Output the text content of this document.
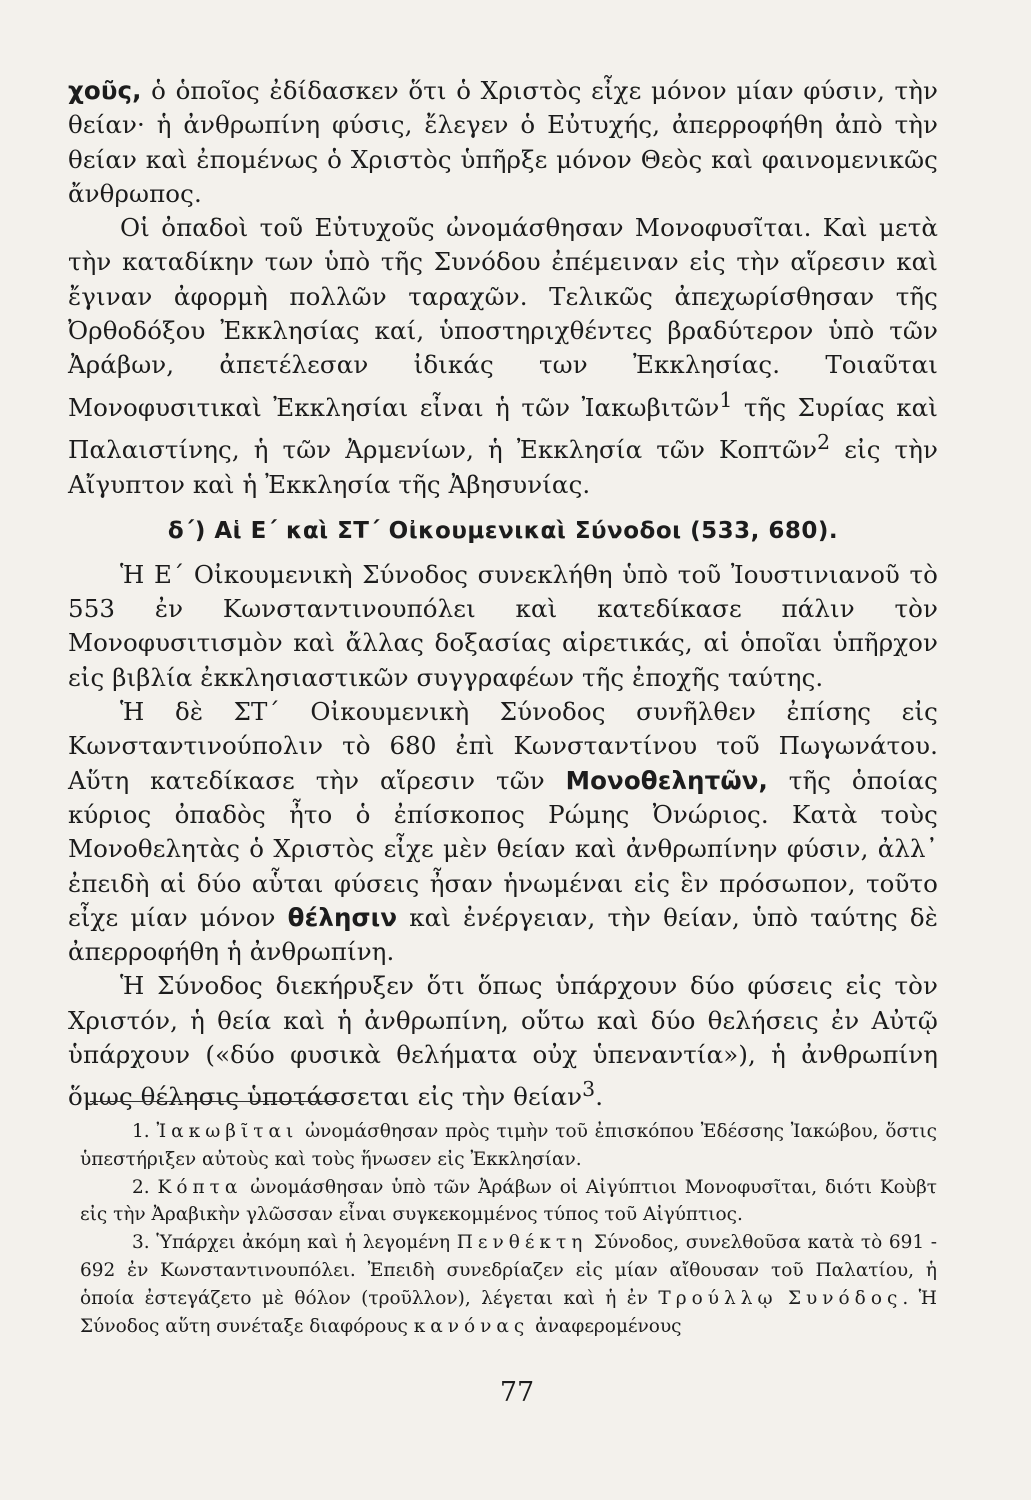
χοῦς, ὁ ὁποῖος ἐδίδασκεν ὅτι ὁ Χριστὸς εἶχε μόνον μίαν φύσιν, τὴν θείαν· ἡ ἀνθρωπίνη φύσις, ἔλεγεν ὁ Εὐτυχής, ἀπερροφήθη ἀπὸ τὴν θείαν καὶ ἐπομένως ὁ Χριστὸς ὑπῆρξε μόνον Θεὸς καὶ φαινομενικῶς ἄνθρωπος.

Οἱ ὀπαδοὶ τοῦ Εὐτυχοῦς ὠνομάσθησαν Μονοφυσῖται. Καὶ μετὰ τὴν καταδίκην των ὑπὸ τῆς Συνόδου ἐπέμειναν εἰς τὴν αἵρεσιν καὶ ἔγιναν ἀφορμὴ πολλῶν ταραχῶν. Τελικῶς ἀπεχωρίσθησαν τῆς Ὀρθοδόξου Ἐκκλησίας καί, ὑποστηριχθέντες βραδύτερον ὑπὸ τῶν Ἀράβων, ἀπετέλεσαν ἰδικάς των Ἐκκλησίας. Τοιαῦται Μονοφυσιτικαὶ Ἐκκλησίαι εἶναι ἡ τῶν Ἰακωβιτῶν$^1$ τῆς Συρίας καὶ Παλαιστίνης, ἡ τῶν Ἀρμενίων, ἡ Ἐκκλησία τῶν Κοπτῶν$^2$ εἰς τὴν Αἴγυπτον καὶ ἡ Ἐκκλησία τῆς Ἀβησυνίας.

δ΄) Αἱ Ε΄ καὶ ΣΤ΄ Οἰκουμενικαὶ Σύνοδοι (533, 680).

Ἡ Ε΄ Οἰκουμενικὴ Σύνοδος συνεκλήθη ὑπὸ τοῦ Ἰουστινιανοῦ τὸ 553 ἐν Κωνσταντινουπόλει καὶ κατεδίκασε πάλιν τὸν Μονοφυσιτισμὸν καὶ ἄλλας δοξασίας αἱρετικάς, αἱ ὁποῖαι ὑπῆρχον εἰς βιβλία ἐκκλησιαστικῶν συγγραφέων τῆς ἐποχῆς ταύτης.

Ἡ δὲ ΣΤ΄ Οἰκουμενικὴ Σύνοδος συνῆλθεν ἐπίσης εἰς Κωνσταντινούπολιν τὸ 680 ἐπὶ Κωνσταντίνου τοῦ Πωγωνάτου. Αὕτη κατεδίκασε τὴν αἵρεσιν τῶν Μονοθελητῶν, τῆς ὁποίας κύριος ὀπαδὸς ἦτο ὁ ἐπίσκοπος Ρώμης Ὀνώριος. Κατὰ τοὺς Μονοθελητὰς ὁ Χριστὸς εἶχε μὲν θείαν καὶ ἀνθρωπίνην φύσιν, ἀλλ᾽ ἐπειδὴ αἱ δύο αὗται φύσεις ἦσαν ἡνωμέναι εἰς ἓν πρόσωπον, τοῦτο εἶχε μίαν μόνον θέλησιν καὶ ἐνέργειαν, τὴν θείαν, ὑπὸ ταύτης δὲ ἀπερροφήθη ἡ ἀνθρωπίνη.

Ἡ Σύνοδος διεκήρυξεν ὅτι ὅπως ὑπάρχουν δύο φύσεις εἰς τὸν Χριστόν, ἡ θεία καὶ ἡ ἀνθρωπίνη, οὕτω καὶ δύο θελήσεις ἐν Αὐτῷ ὑπάρχουν («δύο φυσικὰ θελήματα οὐχ ὑπεναντία»), ἡ ἀνθρωπίνη ὅμως θέλησις ὑποτάσσεται εἰς τὴν θείαν$^3$.

1. Ἰακωβῖται ὠνομάσθησαν πρὸς τιμὴν τοῦ ἐπισκόπου Ἐδέσσης Ἰακώβου, ὅστις ὑπεστήριξεν αὐτοὺς καὶ τοὺς ἥνωσεν εἰς Ἐκκλησίαν.

2. Κόπτα ὠνομάσθησαν ὑπὸ τῶν Ἀράβων οἱ Αἰγύπτιοι Μονοφυσῖται, διότι Κοὺβτ εἰς τὴν Ἀραβικὴν γλῶσσαν εἶναι συγκεκομμένος τύπος τοῦ Αἰγύπτιος.

3. Ὑπάρχει ἀκόμη καὶ ἡ λεγομένη Πενθέκτη Σύνοδος, συνελθοῦσα κατὰ τὸ 691 - 692 ἐν Κωνσταντινουπόλει. Ἐπειδὴ συνεδρίαζεν εἰς μίαν αἴθουσαν τοῦ Παλατίου, ἡ ὁποία ἐστεγάζετο μὲ θόλον (τροῦλλον), λέγεται καὶ ἡ ἐν Τρούλλῳ Συνόδος. Ἡ Σύνοδος αὕτη συνέταξε διαφόρους κανόνας ἀναφερομένους

77
